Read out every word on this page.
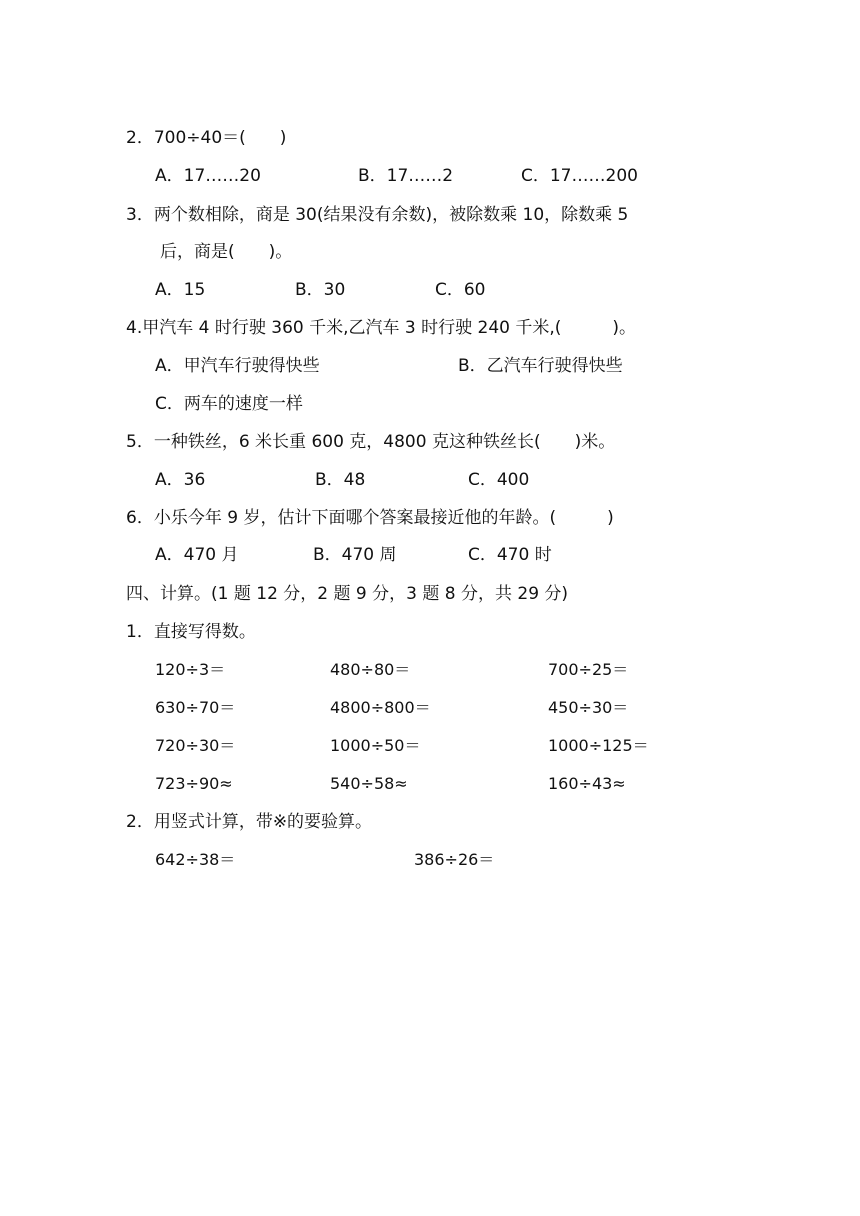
2．700÷40＝(　　)
A．17……20	B．17……2	C．17……200
3．两个数相除，商是 30(结果没有余数)，被除数乘 10，除数乘 5
后，商是(　　)。
A．15	B．30	C．60
4.甲汽车 4 时行驶 360 千米,乙汽车 3 时行驶 240 千米,(　　　)。
A．甲汽车行驶得快些	B．乙汽车行驶得快些
C．两车的速度一样
5．一种铁丝，6 米长重 600 克，4800 克这种铁丝长(　　)米。
A．36	B．48	C．400
6．小乐今年 9 岁，估计下面哪个答案最接近他的年龄。(　　　)
A．470 月	B．470 周	C．470 时
四、计算。(1 题 12 分，2 题 9 分，3 题 8 分，共 29 分)
1．直接写得数。
120÷3＝	480÷80＝	700÷25＝
630÷70＝	4800÷800＝	450÷30＝
720÷30＝	1000÷50＝	1000÷125＝
723÷90≈	540÷58≈	160÷43≈
2．用竖式计算，带※的要验算。
642÷38＝	386÷26＝
